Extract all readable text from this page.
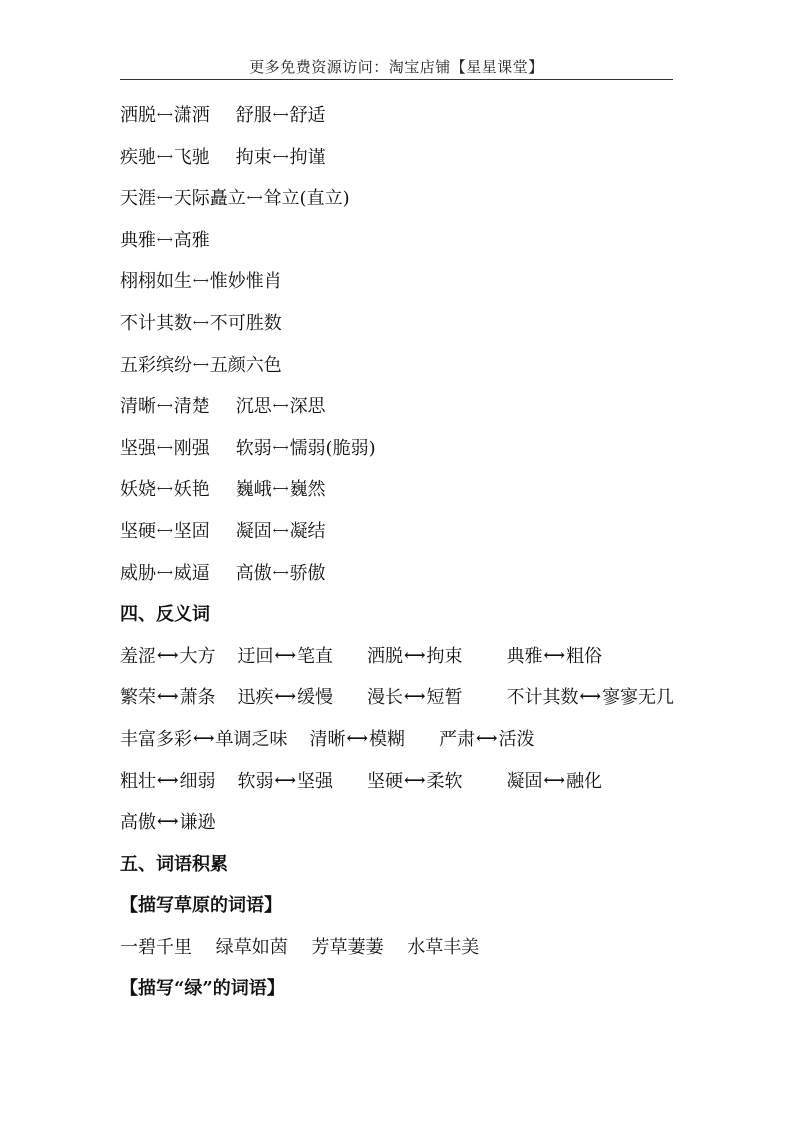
更多免费资源访问：淘宝店铺【星星课堂】
洒脱⟷潇洒 舒服⟷舒适
疾驰⟷飞驰 拘束⟷拘谨
天涯⟷天际矗立⟷耸立(直立)
典雅⟷高雅
栩栩如生⟷惟妙惟肖
不计其数⟷不可胜数
五彩缤纷⟷五颜六色
清晰⟷清楚 沉思⟷深思
坚强⟷刚强 软弱⟷懦弱(脆弱)
妖娆⟷妖艳 巍峨⟷巍然
坚硬⟷坚固 凝固⟷凝结
威胁⟷威逼 高傲⟷骄傲
四、反义词
羞涩⟷大方 迂回⟷笔直 洒脱⟷拘束 典雅⟷粗俗
繁荣⟷萧条 迅疾⟷缓慢 漫长⟷短暂 不计其数⟷寥寥无几
丰富多彩⟷单调乏味 清晰⟷模糊 严肃⟷活泼
粗壮⟷细弱 软弱⟷坚强 坚硬⟷柔软 凝固⟷融化
高傲⟷谦逊
五、词语积累
【描写草原的词语】
一碧千里 绿草如茵 芳草萋萋 水草丰美
【描写“绿”的词语】
